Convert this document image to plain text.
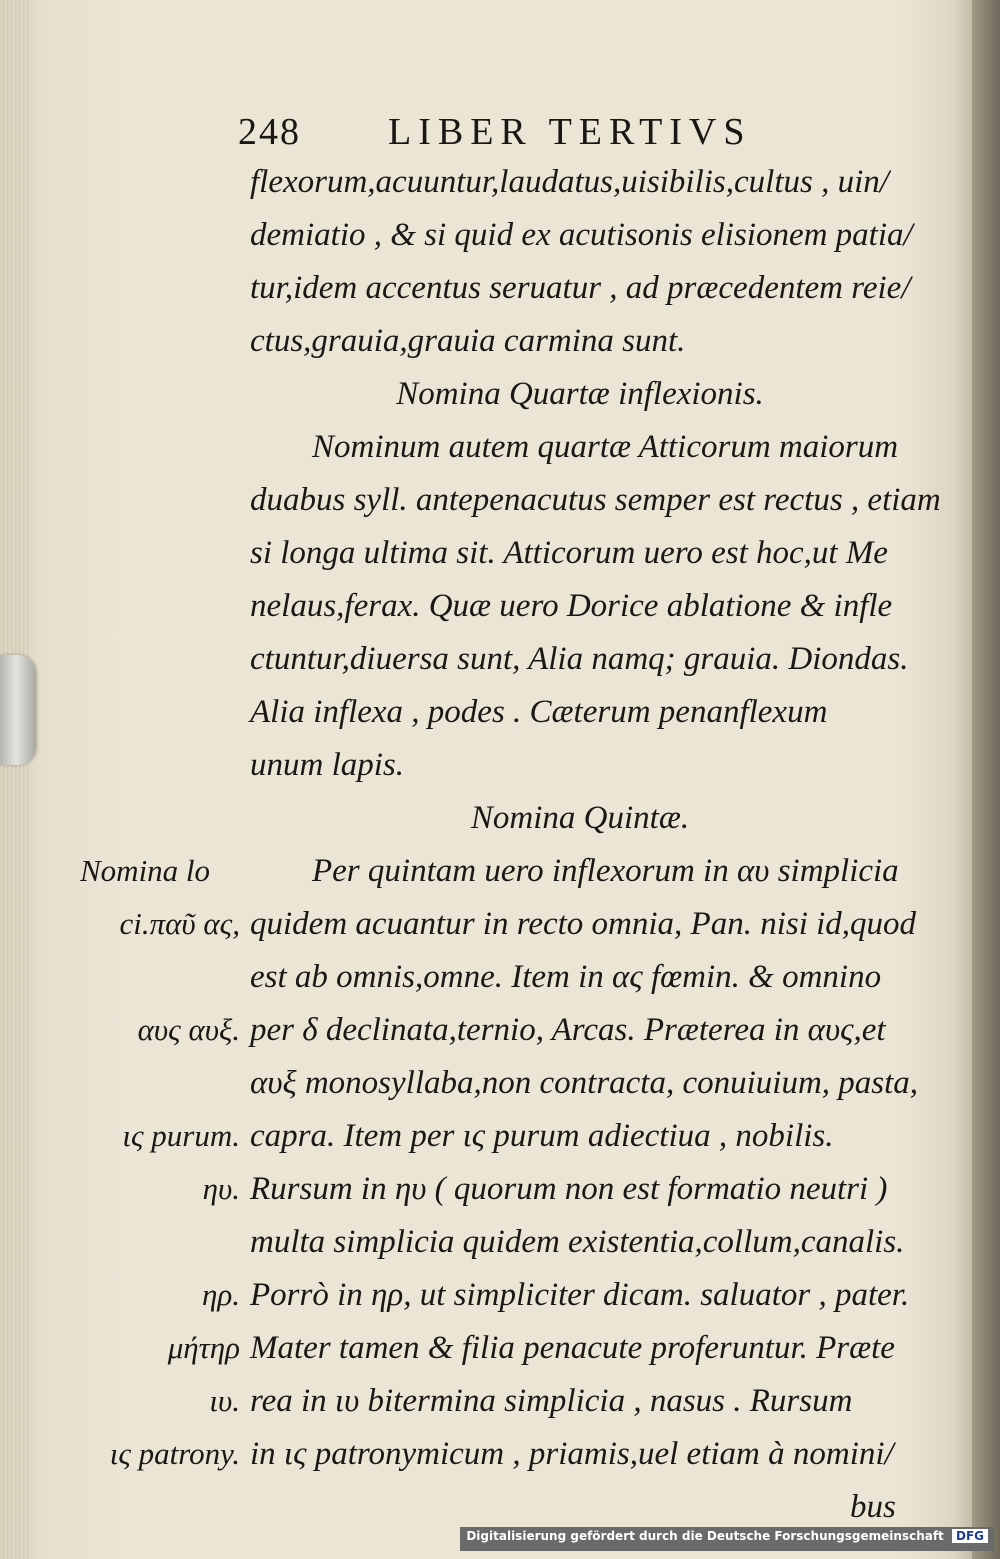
248 LIBER TERTIVS
flexorum,acuuntur,laudatus,uisibilis,cultus , uin/
demiatio , & si quid ex acutisonis elisionem patia/
tur,idem accentus seruatur , ad præcedentem reie/
ctus,grauia,grauia carmina sunt.
Nomina Quartæ inflexionis.
Nominum autem quartæ Atticorum maiorum
duabus syll. antepenacutus semper est rectus , etiam
si longa ultima sit. Atticorum uero est hoc,ut Me
nelaus,ferax. Quæ uero Dorice ablatione & infle
ctuntur,diuersa sunt, Alia namq; grauia. Diondas.
Alia inflexa , podes . Cæterum penanflexum
unum lapis.
Nomina Quintæ.
Per quintam uero inflexorum in αυ simplicia
quidem acuantur in recto omnia, Pan. nisi id,quod
est ab omnis,omne. Item in ας fœmin. & omnino
per δ declinata,ternio, Arcas. Præterea in αυς,et
αυξ monosyllaba,non contracta, conuiuium, pasta,
capra. Item per ις purum adiectiua , nobilis.
Rursum in ηυ ( quorum non est formatio neutri )
multa simplicia quidem existentia,collum,canalis.
Porrò in ηρ, ut simpliciter dicam. saluator , pater.
Mater tamen & filia penacute proferuntur. Præte
rea in ιυ bitermina simplicia , nasus . Rursum
in ις patronymicum , priamis,uel etiam à nomini/
bus
Nomina lo
ci.παῦ ας,
αυς αυξ.
ις purum.
ηυ.
ηρ.
μήτηρ
ιυ.
ις patrony.
Digitalisierung gefördert durch die Deutsche Forschungsgemeinschaft DFG
